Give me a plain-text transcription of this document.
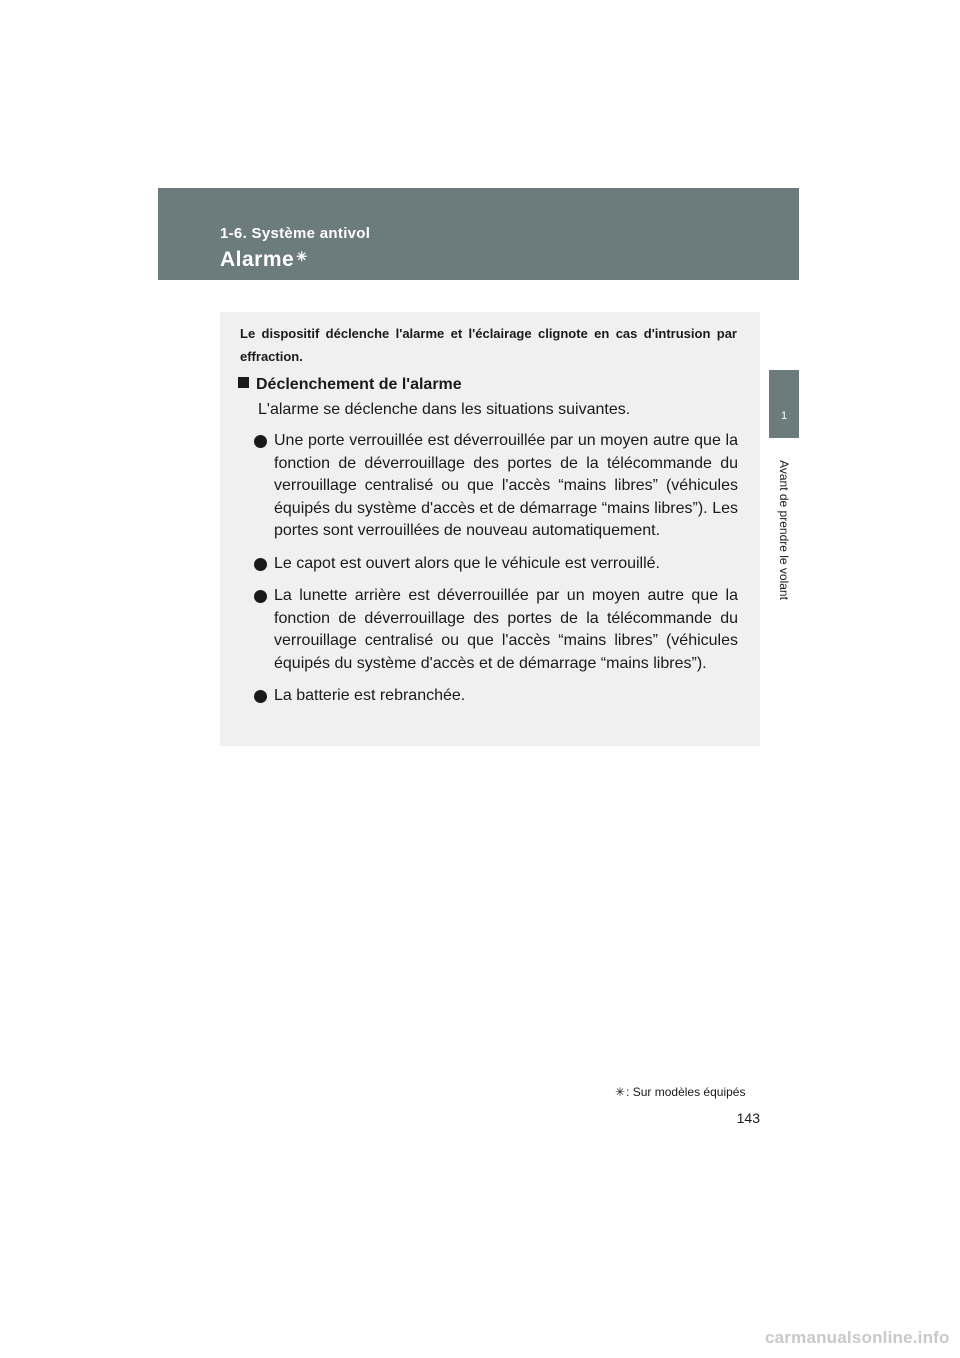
1-6. Système antivol
Alarme ✳
1
Avant de prendre le volant
Le dispositif déclenche l'alarme et l'éclairage clignote en cas d'intrusion par effraction.
Déclenchement de l'alarme
L'alarme se déclenche dans les situations suivantes.
Une porte verrouillée est déverrouillée par un moyen autre que la fonction de déverrouillage des portes de la télécommande du verrouillage centralisé ou que l'accès “mains libres” (véhicules équipés du système d'accès et de démarrage “mains libres”). Les portes sont verrouillées de nouveau automatiquement.
Le capot est ouvert alors que le véhicule est verrouillé.
La lunette arrière est déverrouillée par un moyen autre que la fonction de déverrouillage des portes de la télécommande du verrouillage centralisé ou que l'accès “mains libres” (véhicules équipés du système d'accès et de démarrage “mains libres”).
La batterie est rebranchée.
✳: Sur modèles équipés
143
carmanualsonline.info
